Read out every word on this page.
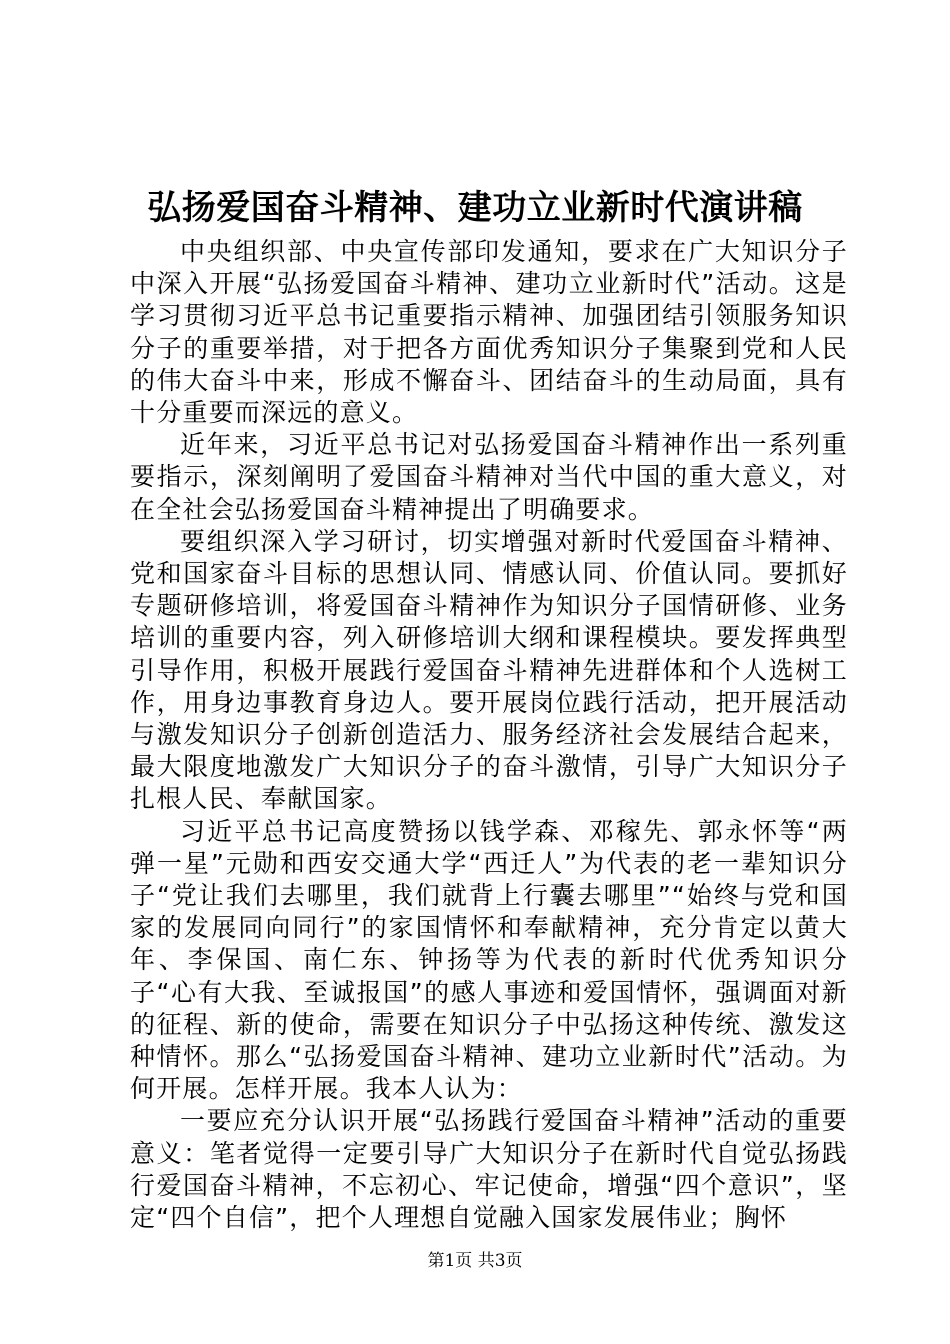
弘扬爱国奋斗精神、建功立业新时代演讲稿

中央组织部、中央宣传部印发通知，要求在广大知识分子中深入开展“弘扬爱国奋斗精神、建功立业新时代”活动。这是学习贯彻习近平总书记重要指示精神、加强团结引领服务知识分子的重要举措，对于把各方面优秀知识分子集聚到党和人民的伟大奋斗中来，形成不懈奋斗、团结奋斗的生动局面，具有十分重要而深远的意义。

近年来，习近平总书记对弘扬爱国奋斗精神作出一系列重要指示，深刻阐明了爱国奋斗精神对当代中国的重大意义，对在全社会弘扬爱国奋斗精神提出了明确要求。

要组织深入学习研讨，切实增强对新时代爱国奋斗精神、党和国家奋斗目标的思想认同、情感认同、价值认同。要抓好专题研修培训，将爱国奋斗精神作为知识分子国情研修、业务培训的重要内容，列入研修培训大纲和课程模块。要发挥典型引导作用，积极开展践行爱国奋斗精神先进群体和个人选树工作，用身边事教育身边人。要开展岗位践行活动，把开展活动与激发知识分子创新创造活力、服务经济社会发展结合起来，最大限度地激发广大知识分子的奋斗激情，引导广大知识分子扎根人民、奉献国家。

习近平总书记高度赞扬以钱学森、邓稼先、郭永怀等“两弹一星”元勋和西安交通大学“西迁人”为代表的老一辈知识分子“党让我们去哪里，我们就背上行囊去哪里”“始终与党和国家的发展同向同行”的家国情怀和奉献精神，充分肯定以黄大年、李保国、南仁东、钟扬等为代表的新时代优秀知识分子“心有大我、至诚报国”的感人事迹和爱国情怀，强调面对新的征程、新的使命，需要在知识分子中弘扬这种传统、激发这种情怀。那么“弘扬爱国奋斗精神、建功立业新时代”活动。为何开展。怎样开展。我本人认为：

一要应充分认识开展“弘扬践行爱国奋斗精神”活动的重要意义：笔者觉得一定要引导广大知识分子在新时代自觉弘扬践行爱国奋斗精神，不忘初心、牢记使命，增强“四个意识”，坚定“四个自信”，把个人理想自觉融入国家发展伟业；胸怀

第1页 共3页
